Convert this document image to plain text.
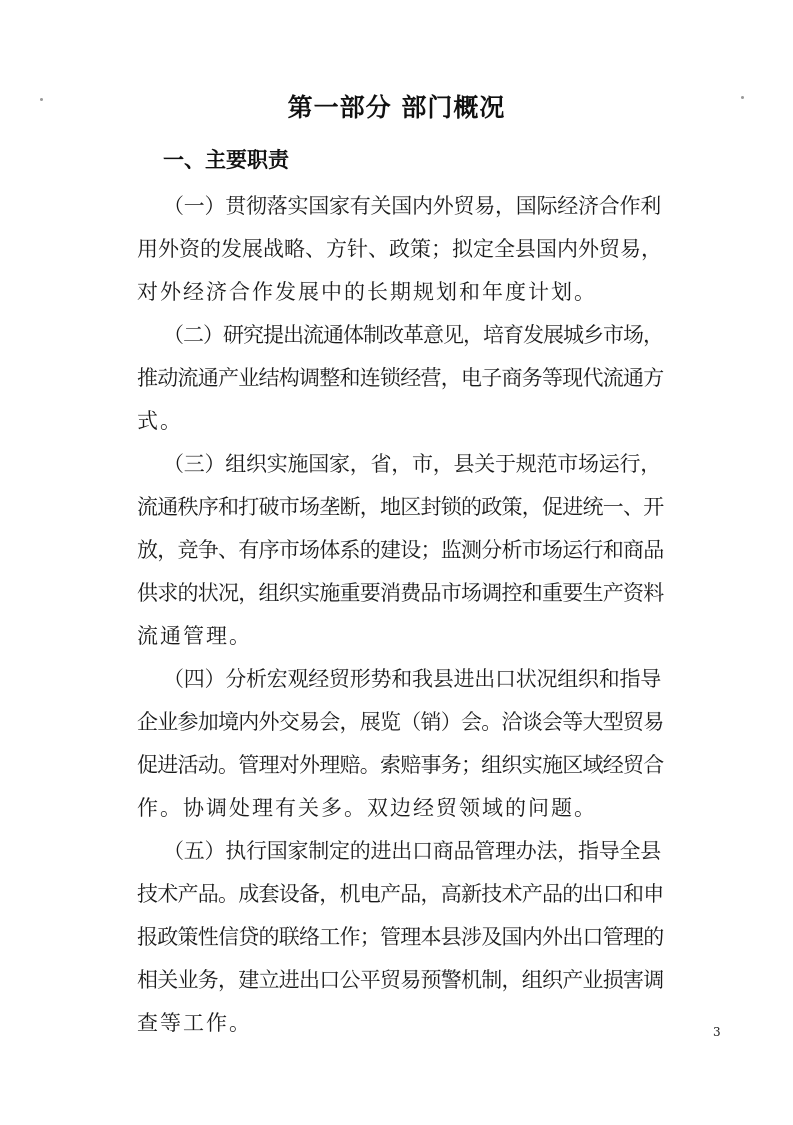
第一部分 部门概况
一、主要职责
（一）贯彻落实国家有关国内外贸易，国际经济合作利
用外资的发展战略、方针、政策；拟定全县国内外贸易，
对外经济合作发展中的长期规划和年度计划。
（二）研究提出流通体制改革意见，培育发展城乡市场，
推动流通产业结构调整和连锁经营，电子商务等现代流通方
式。
（三）组织实施国家，省，市，县关于规范市场运行，
流通秩序和打破市场垄断，地区封锁的政策，促进统一、开
放，竞争、有序市场体系的建设；监测分析市场运行和商品
供求的状况，组织实施重要消费品市场调控和重要生产资料
流通管理。
（四）分析宏观经贸形势和我县进出口状况组织和指导
企业参加境内外交易会，展览（销）会。洽谈会等大型贸易
促进活动。管理对外理赔。索赔事务；组织实施区域经贸合
作。协调处理有关多。双边经贸领域的问题。
（五）执行国家制定的进出口商品管理办法，指导全县
技术产品。成套设备，机电产品，高新技术产品的出口和申
报政策性信贷的联络工作；管理本县涉及国内外出口管理的
相关业务，建立进出口公平贸易预警机制，组织产业损害调
查等工作。	3
